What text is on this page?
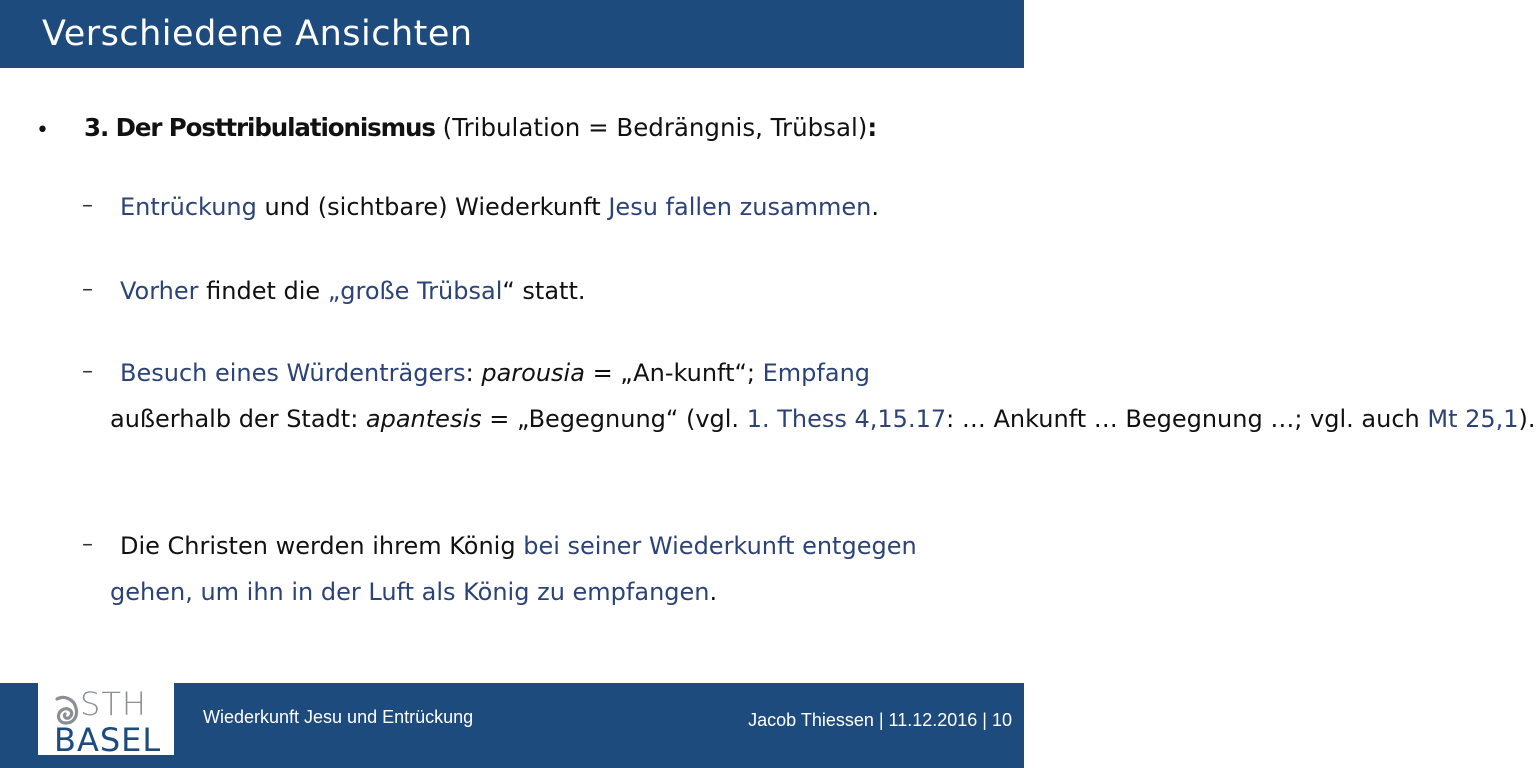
Verschiedene Ansichten
• 3. Der Posttribulationismus (Tribulation = Bedrängnis, Trübsal):
–	Entrückung und (sichtbare) Wiederkunft Jesu fallen zusammen.
–	Vorher findet die „große Trübsal“ statt.
–	Besuch eines Würdenträgers: parousia = „An-kunft“; Empfang
außerhalb der Stadt: apantesis = „Begegnung“ (vgl. 1. Thess 4,15.17: … Ankunft … Begegnung …; vgl. auch Mt 25,1).
–	Die Christen werden ihrem König bei seiner Wiederkunft entgegen
gehen, um ihn in der Luft als König zu empfangen.
STH
BASEL
Wiederkunft Jesu und Entrückung	Jacob Thiessen | 11.12.2016 | 10
